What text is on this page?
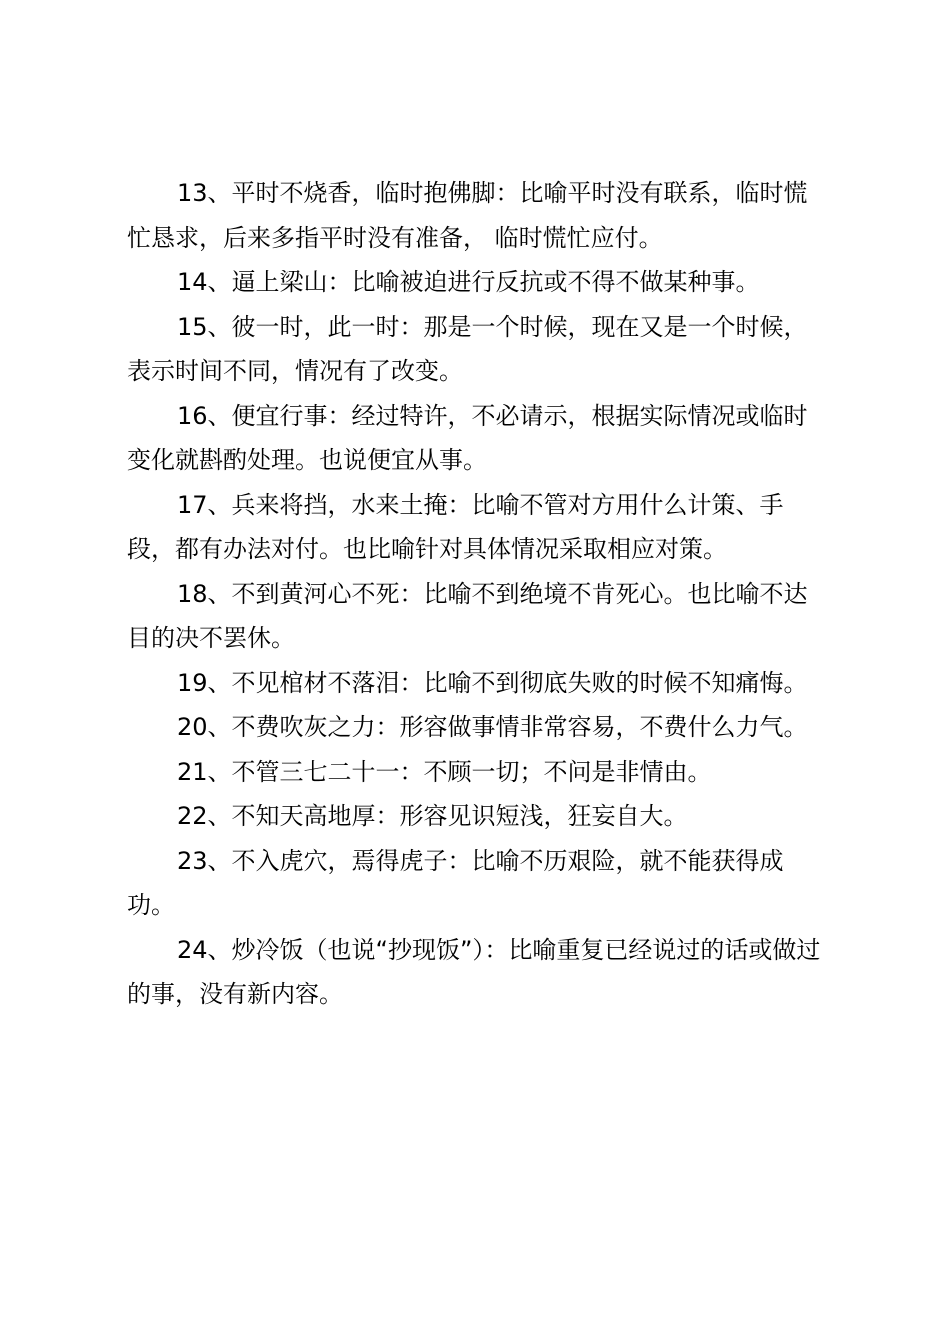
13、平时不烧香，临时抱佛脚：比喻平时没有联系，临时慌忙恳求，后来多指平时没有准备， 临时慌忙应付。

14、逼上梁山：比喻被迫进行反抗或不得不做某种事。

15、彼一时，此一时：那是一个时候，现在又是一个时候，表示时间不同，情况有了改变。

16、便宜行事：经过特许，不必请示，根据实际情况或临时变化就斟酌处理。也说便宜从事。

17、兵来将挡，水来土掩：比喻不管对方用什么计策、手段，都有办法对付。也比喻针对具体情况采取相应对策。

18、不到黄河心不死：比喻不到绝境不肯死心。也比喻不达目的决不罢休。

19、不见棺材不落泪：比喻不到彻底失败的时候不知痛悔。

20、不费吹灰之力：形容做事情非常容易，不费什么力气。

21、不管三七二十一：不顾一切；不问是非情由。

22、不知天高地厚：形容见识短浅，狂妄自大。

23、不入虎穴，焉得虎子：比喻不历艰险，就不能获得成功。

24、炒冷饭（也说“抄现饭”）：比喻重复已经说过的话或做过的事，没有新内容。
